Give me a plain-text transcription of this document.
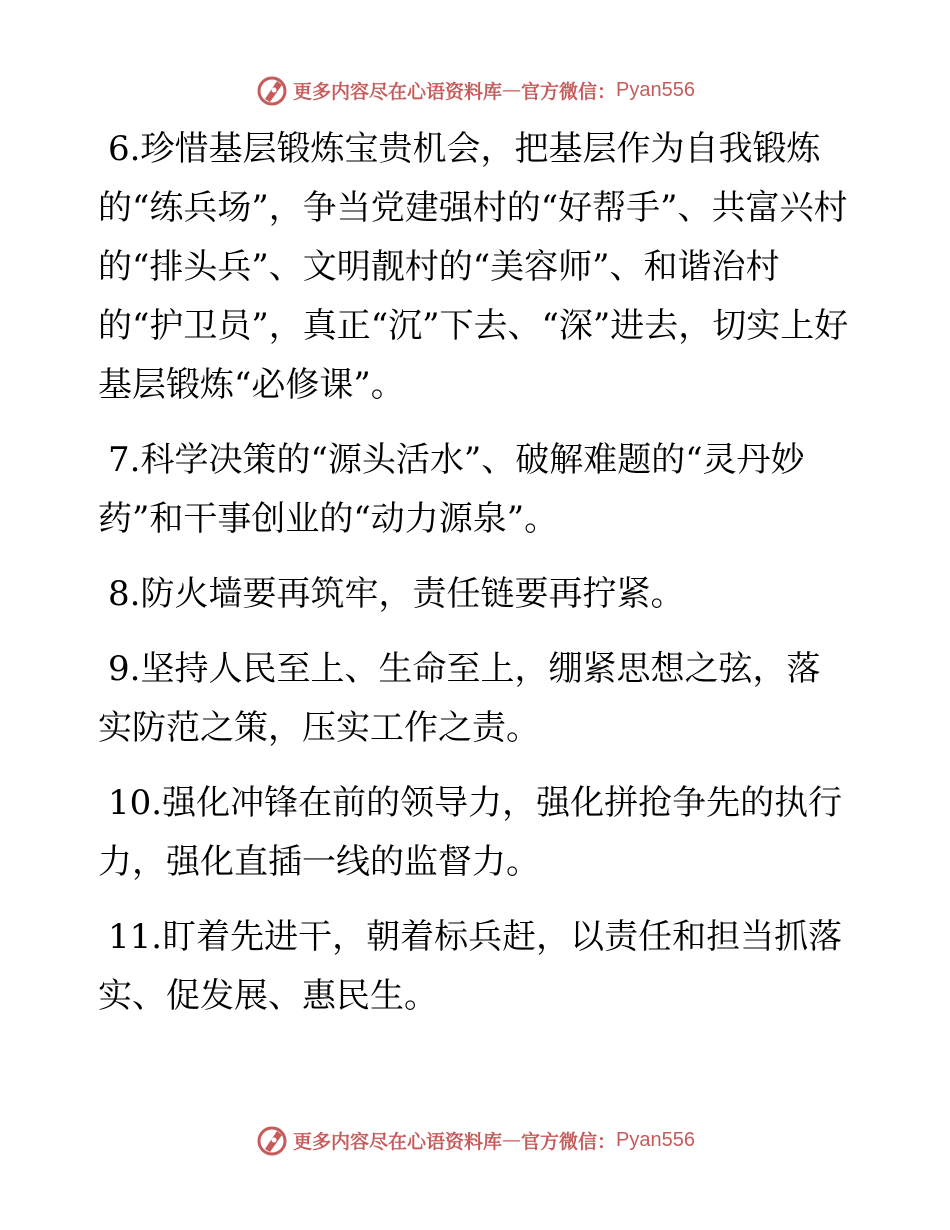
更多内容尽在心语资料库 — 官方微信： Pyan556

6.珍惜基层锻炼宝贵机会，把基层作为自我锻炼的“练兵场”，争当党建强村的“好帮手”、共富兴村的“排头兵”、文明靓村的“美容师”、和谐治村的“护卫员”，真正“沉”下去、“深”进去，切实上好基层锻炼“必修课”。

7.科学决策的“源头活水”、破解难题的“灵丹妙药”和干事创业的“动力源泉”。

8.防火墙要再筑牢，责任链要再拧紧。

9.坚持人民至上、生命至上，绷紧思想之弦，落实防范之策，压实工作之责。

10.强化冲锋在前的领导力，强化拼抢争先的执行力，强化直插一线的监督力。

11.盯着先进干，朝着标兵赶，以责任和担当抓落实、促发展、惠民生。

更多内容尽在心语资料库 — 官方微信： Pyan556
